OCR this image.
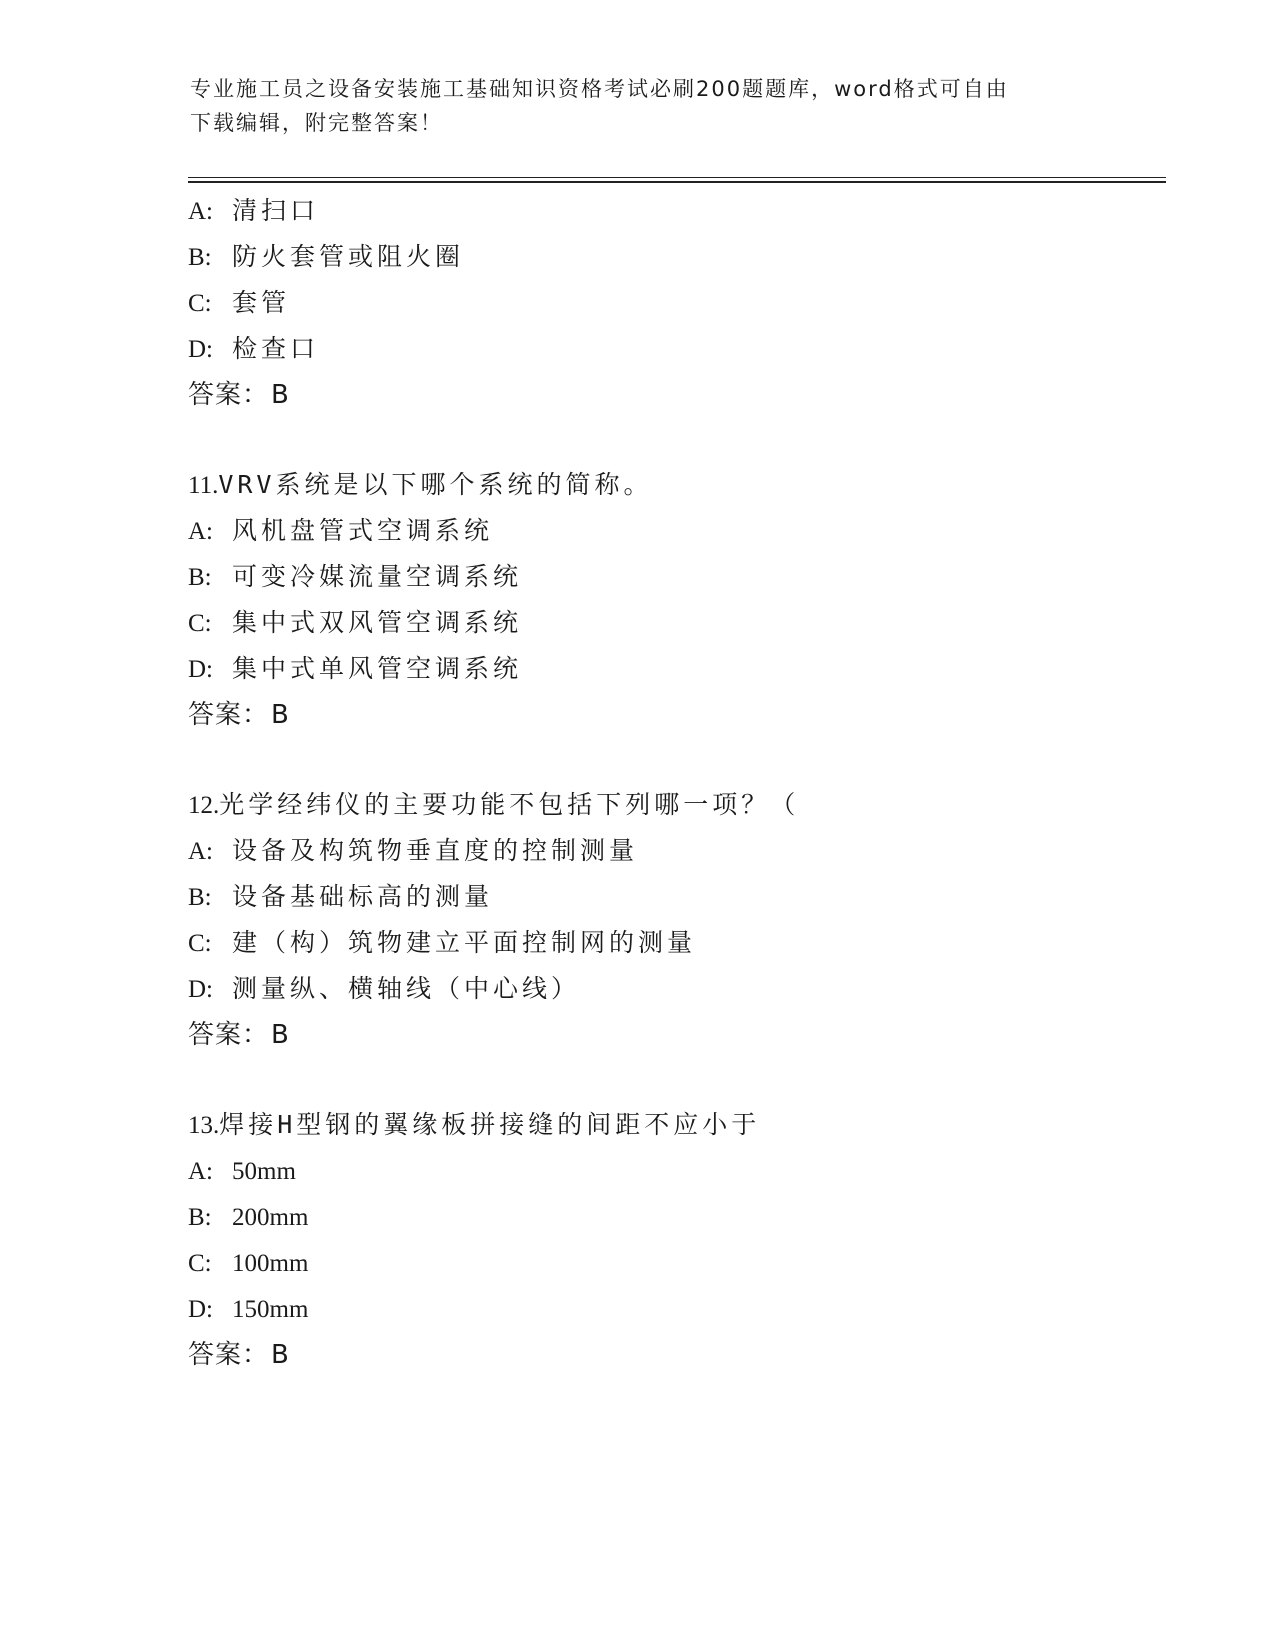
专业施工员之设备安装施工基础知识资格考试必刷200题题库，word格式可自由
下载编辑，附完整答案！
A: 清扫口
B: 防火套管或阻火圈
C: 套管
D: 检查口
答案：B
11.VRV系统是以下哪个系统的简称。
A: 风机盘管式空调系统
B: 可变冷媒流量空调系统
C: 集中式双风管空调系统
D: 集中式单风管空调系统
答案：B
12.光学经纬仪的主要功能不包括下列哪一项？（
A: 设备及构筑物垂直度的控制测量
B: 设备基础标高的测量
C: 建（构）筑物建立平面控制网的测量
D: 测量纵、横轴线（中心线）
答案：B
13.焊接H型钢的翼缘板拼接缝的间距不应小于
A: 50mm
B: 200mm
C: 100mm
D: 150mm
答案：B
